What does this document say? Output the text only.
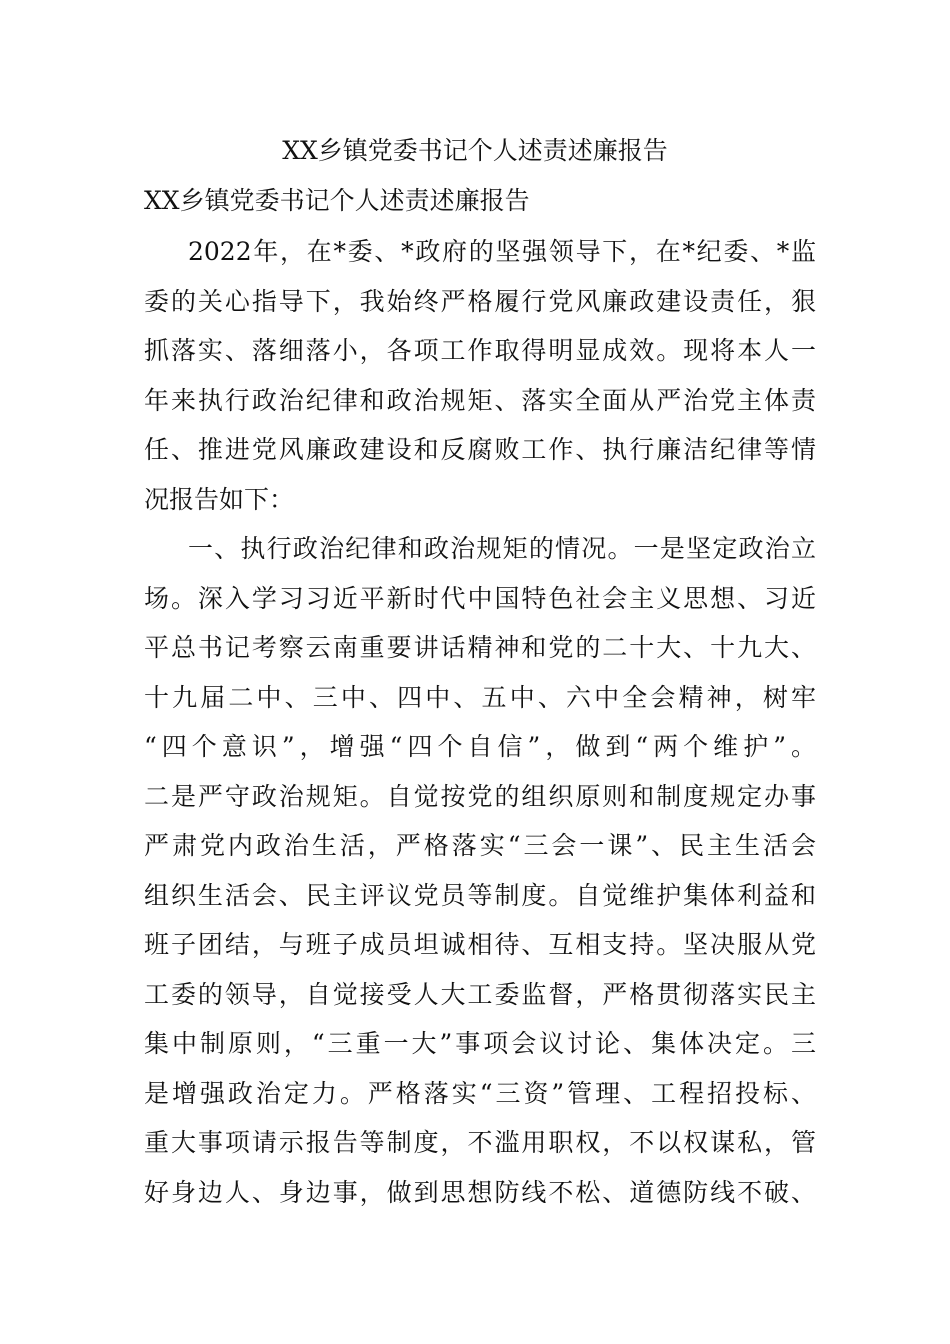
XX乡镇党委书记个人述责述廉报告
XX乡镇党委书记个人述责述廉报告
2022年，在*委、*政府的坚强领导下，在*纪委、*监
委的关心指导下，我始终严格履行党风廉政建设责任，狠
抓落实、落细落小，各项工作取得明显成效。现将本人一
年来执行政治纪律和政治规矩、落实全面从严治党主体责
任、推进党风廉政建设和反腐败工作、执行廉洁纪律等情
况报告如下：
一、执行政治纪律和政治规矩的情况。一是坚定政治立
场。深入学习习近平新时代中国特色社会主义思想、习近
平总书记考察云南重要讲话精神和党的二十大、十九大、
十九届二中、三中、四中、五中、六中全会精神，树牢
“四个意识”，增强“四个自信”，做到“两个维护”。
二是严守政治规矩。自觉按党的组织原则和制度规定办事
严肃党内政治生活，严格落实“三会一课”、民主生活会
组织生活会、民主评议党员等制度。自觉维护集体利益和
班子团结，与班子成员坦诚相待、互相支持。坚决服从党
工委的领导，自觉接受人大工委监督，严格贯彻落实民主
集中制原则，“三重一大”事项会议讨论、集体决定。三
是增强政治定力。严格落实“三资”管理、工程招投标、
重大事项请示报告等制度，不滥用职权，不以权谋私，管
好身边人、身边事，做到思想防线不松、道德防线不破、
